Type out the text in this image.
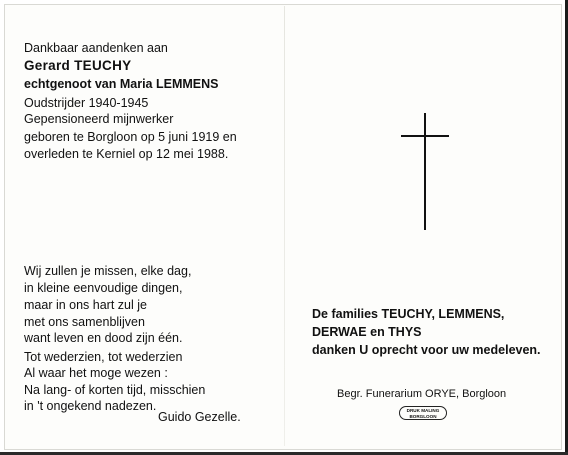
Dankbaar aandenken aan
Gerard TEUCHY
echtgenoot van Maria LEMMENS
Oudstrijder 1940-1945
Gepensioneerd mijnwerker
geboren te Borgloon op 5 juni 1919 en
overleden te Kerniel op 12 mei 1988.
Wij zullen je missen, elke dag,
in kleine eenvoudige dingen,
maar in ons hart zul je
met ons samenblijven
want leven en dood zijn één.
Tot wederzien, tot wederzien
Al waar het moge wezen :
Na lang- of korten tijd, misschien
in 't ongekend nadezen.
Guido Gezelle.
De families TEUCHY, LEMMENS,
DERWAE en THYS
danken U oprecht voor uw medeleven.
Begr. Funerarium ORYE, Borgloon
DRUK MALING
BORGLOON
